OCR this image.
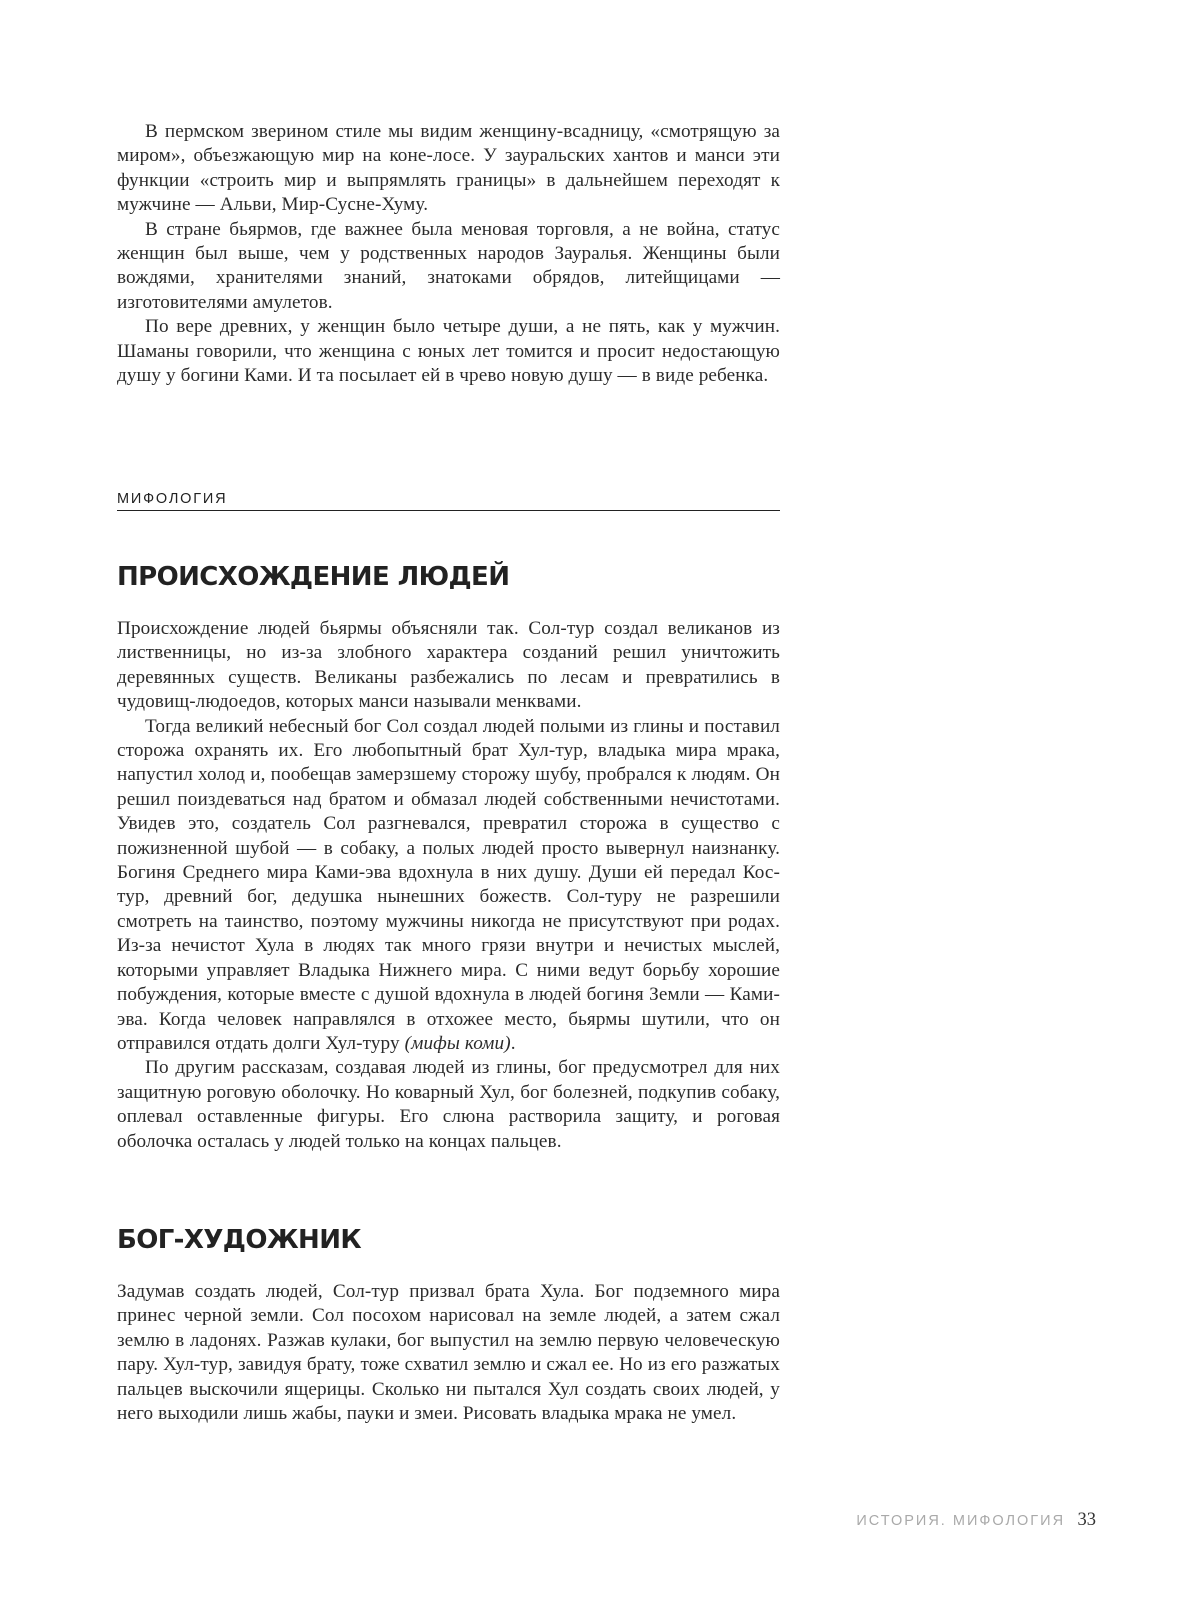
В пермском зверином стиле мы видим женщину-всадницу, «смотрящую за миром», объезжающую мир на коне-лосе. У зауральских хантов и манси эти функции «строить мир и выпрямлять границы» в дальнейшем переходят к мужчине — Альви, Мир-Сусне-Хуму.

В стране бьярмов, где важнее была меновая торговля, а не война, статус женщин был выше, чем у родственных народов Зауралья. Женщины были вождями, хранителями знаний, знатоками обрядов, литейщицами — изготовителями амулетов.

По вере древних, у женщин было четыре души, а не пять, как у мужчин. Шаманы говорили, что женщина с юных лет томится и просит недостающую душу у богини Ками. И та посылает ей в чрево новую душу — в виде ребенка.

МИФОЛОГИЯ
ПРОИСХОЖДЕНИЕ ЛЮДЕЙ

Происхождение людей бьярмы объясняли так. Сол-тур создал великанов из лиственницы, но из-за злобного характера созданий решил уничтожить деревянных существ. Великаны разбежались по лесам и превратились в чудовищ-людоедов, которых манси называли менквами.

Тогда великий небесный бог Сол создал людей полыми из глины и поставил сторожа охранять их. Его любопытный брат Хул-тур, владыка мира мрака, напустил холод и, пообещав замерзшему сторожу шубу, пробрался к людям. Он решил поиздеваться над братом и обмазал людей собственными нечистотами. Увидев это, создатель Сол разгневался, превратил сторожа в существо с пожизненной шубой — в собаку, а полых людей просто вывернул наизнанку. Богиня Среднего мира Ками-эва вдохнула в них душу. Души ей передал Кос-тур, древний бог, дедушка нынешних божеств. Сол-туру не разрешили смотреть на таинство, поэтому мужчины никогда не присутствуют при родах. Из-за нечистот Хула в людях так много грязи внутри и нечистых мыслей, которыми управляет Владыка Нижнего мира. С ними ведут борьбу хорошие побуждения, которые вместе с душой вдохнула в людей богиня Земли — Ками-эва. Когда человек направлялся в отхожее место, бьярмы шутили, что он отправился отдать долги Хул-туру (мифы коми).

По другим рассказам, создавая людей из глины, бог предусмотрел для них защитную роговую оболочку. Но коварный Хул, бог болезней, подкупив собаку, оплевал оставленные фигуры. Его слюна растворила защиту, и роговая оболочка осталась у людей только на концах пальцев.

БОГ-ХУДОЖНИК

Задумав создать людей, Сол-тур призвал брата Хула. Бог подземного мира принес черной земли. Сол посохом нарисовал на земле людей, а затем сжал землю в ладонях. Разжав кулаки, бог выпустил на землю первую человеческую пару. Хул-тур, завидуя брату, тоже схватил землю и сжал ее. Но из его разжатых пальцев выскочили ящерицы. Сколько ни пытался Хул создать своих людей, у него выходили лишь жабы, пауки и змеи. Рисовать владыка мрака не умел.

ИСТОРИЯ. МИФОЛОГИЯ 33
